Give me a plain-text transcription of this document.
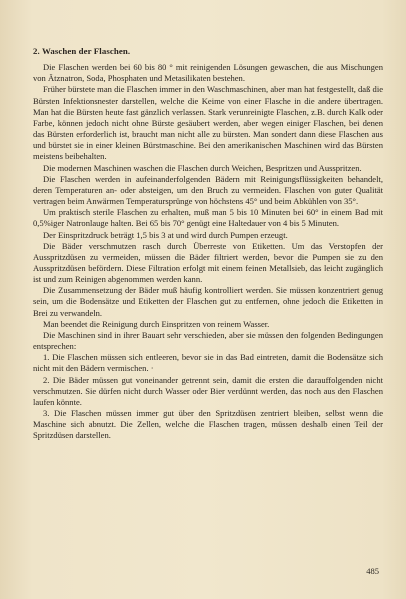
2. Waschen der Flaschen.

Die Flaschen werden bei 60 bis 80 ° mit reinigenden Lösungen gewaschen, die aus Mischungen von Ätznatron, Soda, Phosphaten und Metasilikaten bestehen.

Früher bürstete man die Flaschen immer in den Waschmaschinen, aber man hat festgestellt, daß die Bürsten Infektionsnester darstellen, welche die Keime von einer Flasche in die andere übertragen. Man hat die Bürsten heute fast gänzlich verlassen. Stark verunreinigte Flaschen, z.B. durch Kalk oder Farbe, können jedoch nicht ohne Bürste gesäubert werden, aber wegen einiger Flaschen, bei denen das Bürsten erforderlich ist, braucht man nicht alle zu bürsten. Man sondert dann diese Flaschen aus und bürstet sie in einer kleinen Bürstmaschine. Bei den amerikanischen Maschinen wird das Bürsten meistens beibehalten.

Die modernen Maschinen waschen die Flaschen durch Weichen, Bespritzen und Ausspritzen.

Die Flaschen werden in aufeinanderfolgenden Bädern mit Reinigungsflüssigkeiten behandelt, deren Temperaturen an- oder absteigen, um den Bruch zu vermeiden. Flaschen von guter Qualität vertragen beim Anwärmen Temperatursprünge von höchstens 45° und beim Abkühlen von 35°.

Um praktisch sterile Flaschen zu erhalten, muß man 5 bis 10 Minuten bei 60° in einem Bad mit 0,5%iger Natronlauge halten. Bei 65 bis 70° genügt eine Haltedauer von 4 bis 5 Minuten.

Der Einspritzdruck beträgt 1,5 bis 3 at und wird durch Pumpen erzeugt.

Die Bäder verschmutzen rasch durch Überreste von Etiketten. Um das Verstopfen der Ausspritzdüsen zu vermeiden, müssen die Bäder filtriert werden, bevor die Pumpen sie zu den Ausspritzdüsen befördern. Diese Filtration erfolgt mit einem feinen Metallsieb, das leicht zugänglich ist und zum Reinigen abgenommen werden kann.

Die Zusammensetzung der Bäder muß häufig kontrolliert werden. Sie müssen konzentriert genug sein, um die Bodensätze und Etiketten der Flaschen gut zu entfernen, ohne jedoch die Etiketten in Brei zu verwandeln.

Man beendet die Reinigung durch Einspritzen von reinem Wasser.

Die Maschinen sind in ihrer Bauart sehr verschieden, aber sie müssen den folgenden Bedingungen entsprechen:

1. Die Flaschen müssen sich entleeren, bevor sie in das Bad eintreten, damit die Bodensätze sich nicht mit den Bädern vermischen. ·

2. Die Bäder müssen gut voneinander getrennt sein, damit die ersten die darauffolgenden nicht verschmutzen. Sie dürfen nicht durch Wasser oder Bier verdünnt werden, das noch aus den Flaschen laufen könnte.

3. Die Flaschen müssen immer gut über den Spritzdüsen zentriert bleiben, selbst wenn die Maschine sich abnutzt. Die Zellen, welche die Flaschen tragen, müssen deshalb einen Teil der Spritzdüsen darstellen.

485
